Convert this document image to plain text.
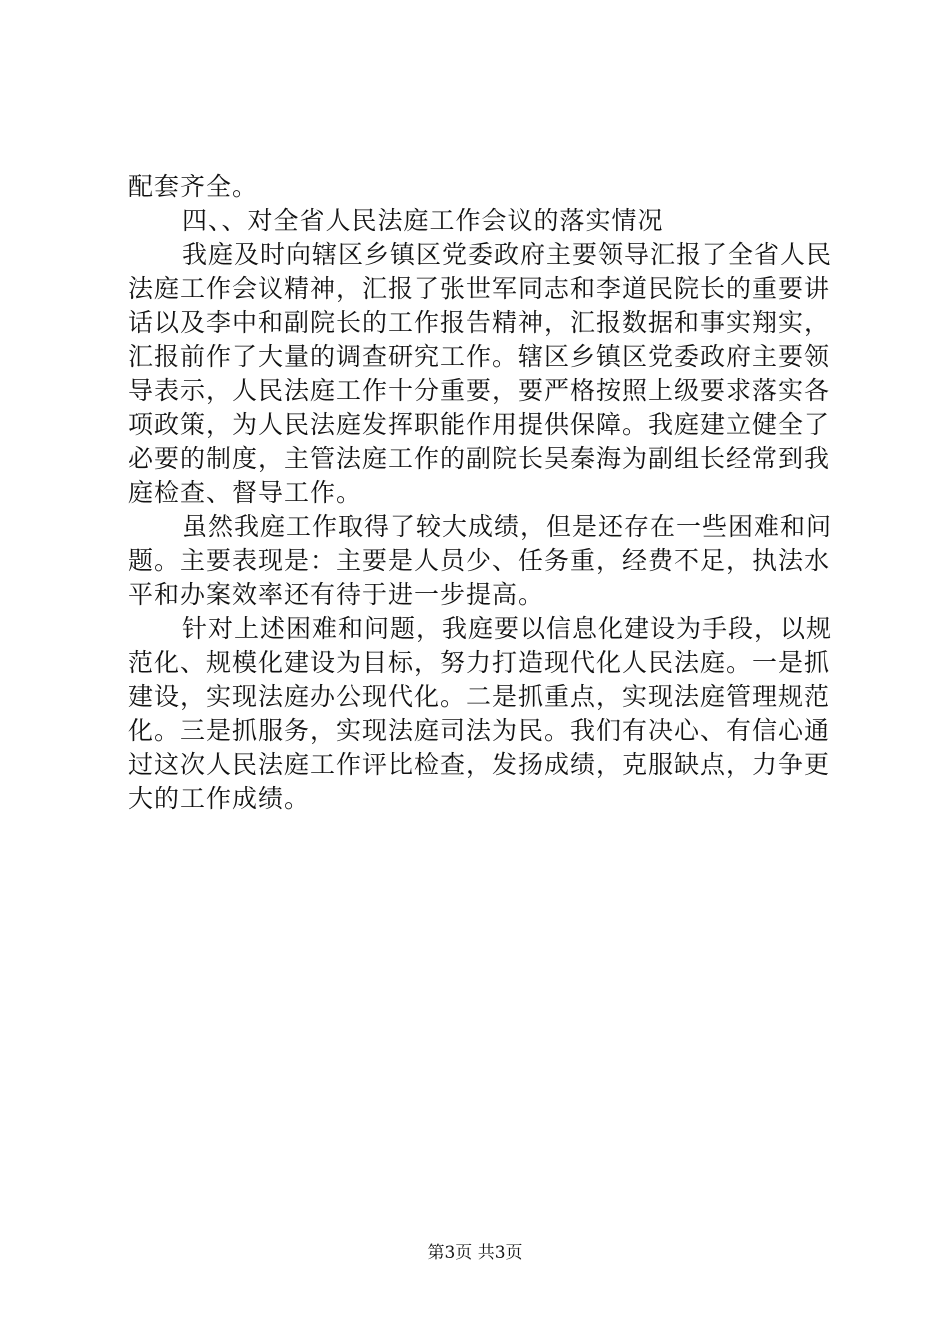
配套齐全。
四、、对全省人民法庭工作会议的落实情况
我庭及时向辖区乡镇区党委政府主要领导汇报了全省人民
法庭工作会议精神，汇报了张世军同志和李道民院长的重要讲
话以及李中和副院长的工作报告精神，汇报数据和事实翔实，
汇报前作了大量的调查研究工作。辖区乡镇区党委政府主要领
导表示，人民法庭工作十分重要，要严格按照上级要求落实各
项政策，为人民法庭发挥职能作用提供保障。我庭建立健全了
必要的制度，主管法庭工作的副院长吴秦海为副组长经常到我
庭检查、督导工作。
虽然我庭工作取得了较大成绩，但是还存在一些困难和问
题。主要表现是：主要是人员少、任务重，经费不足，执法水
平和办案效率还有待于进一步提高。
针对上述困难和问题，我庭要以信息化建设为手段，以规
范化、规模化建设为目标，努力打造现代化人民法庭。一是抓
建设，实现法庭办公现代化。二是抓重点，实现法庭管理规范
化。三是抓服务，实现法庭司法为民。我们有决心、有信心通
过这次人民法庭工作评比检查，发扬成绩，克服缺点，力争更
大的工作成绩。
第3页 共3页
